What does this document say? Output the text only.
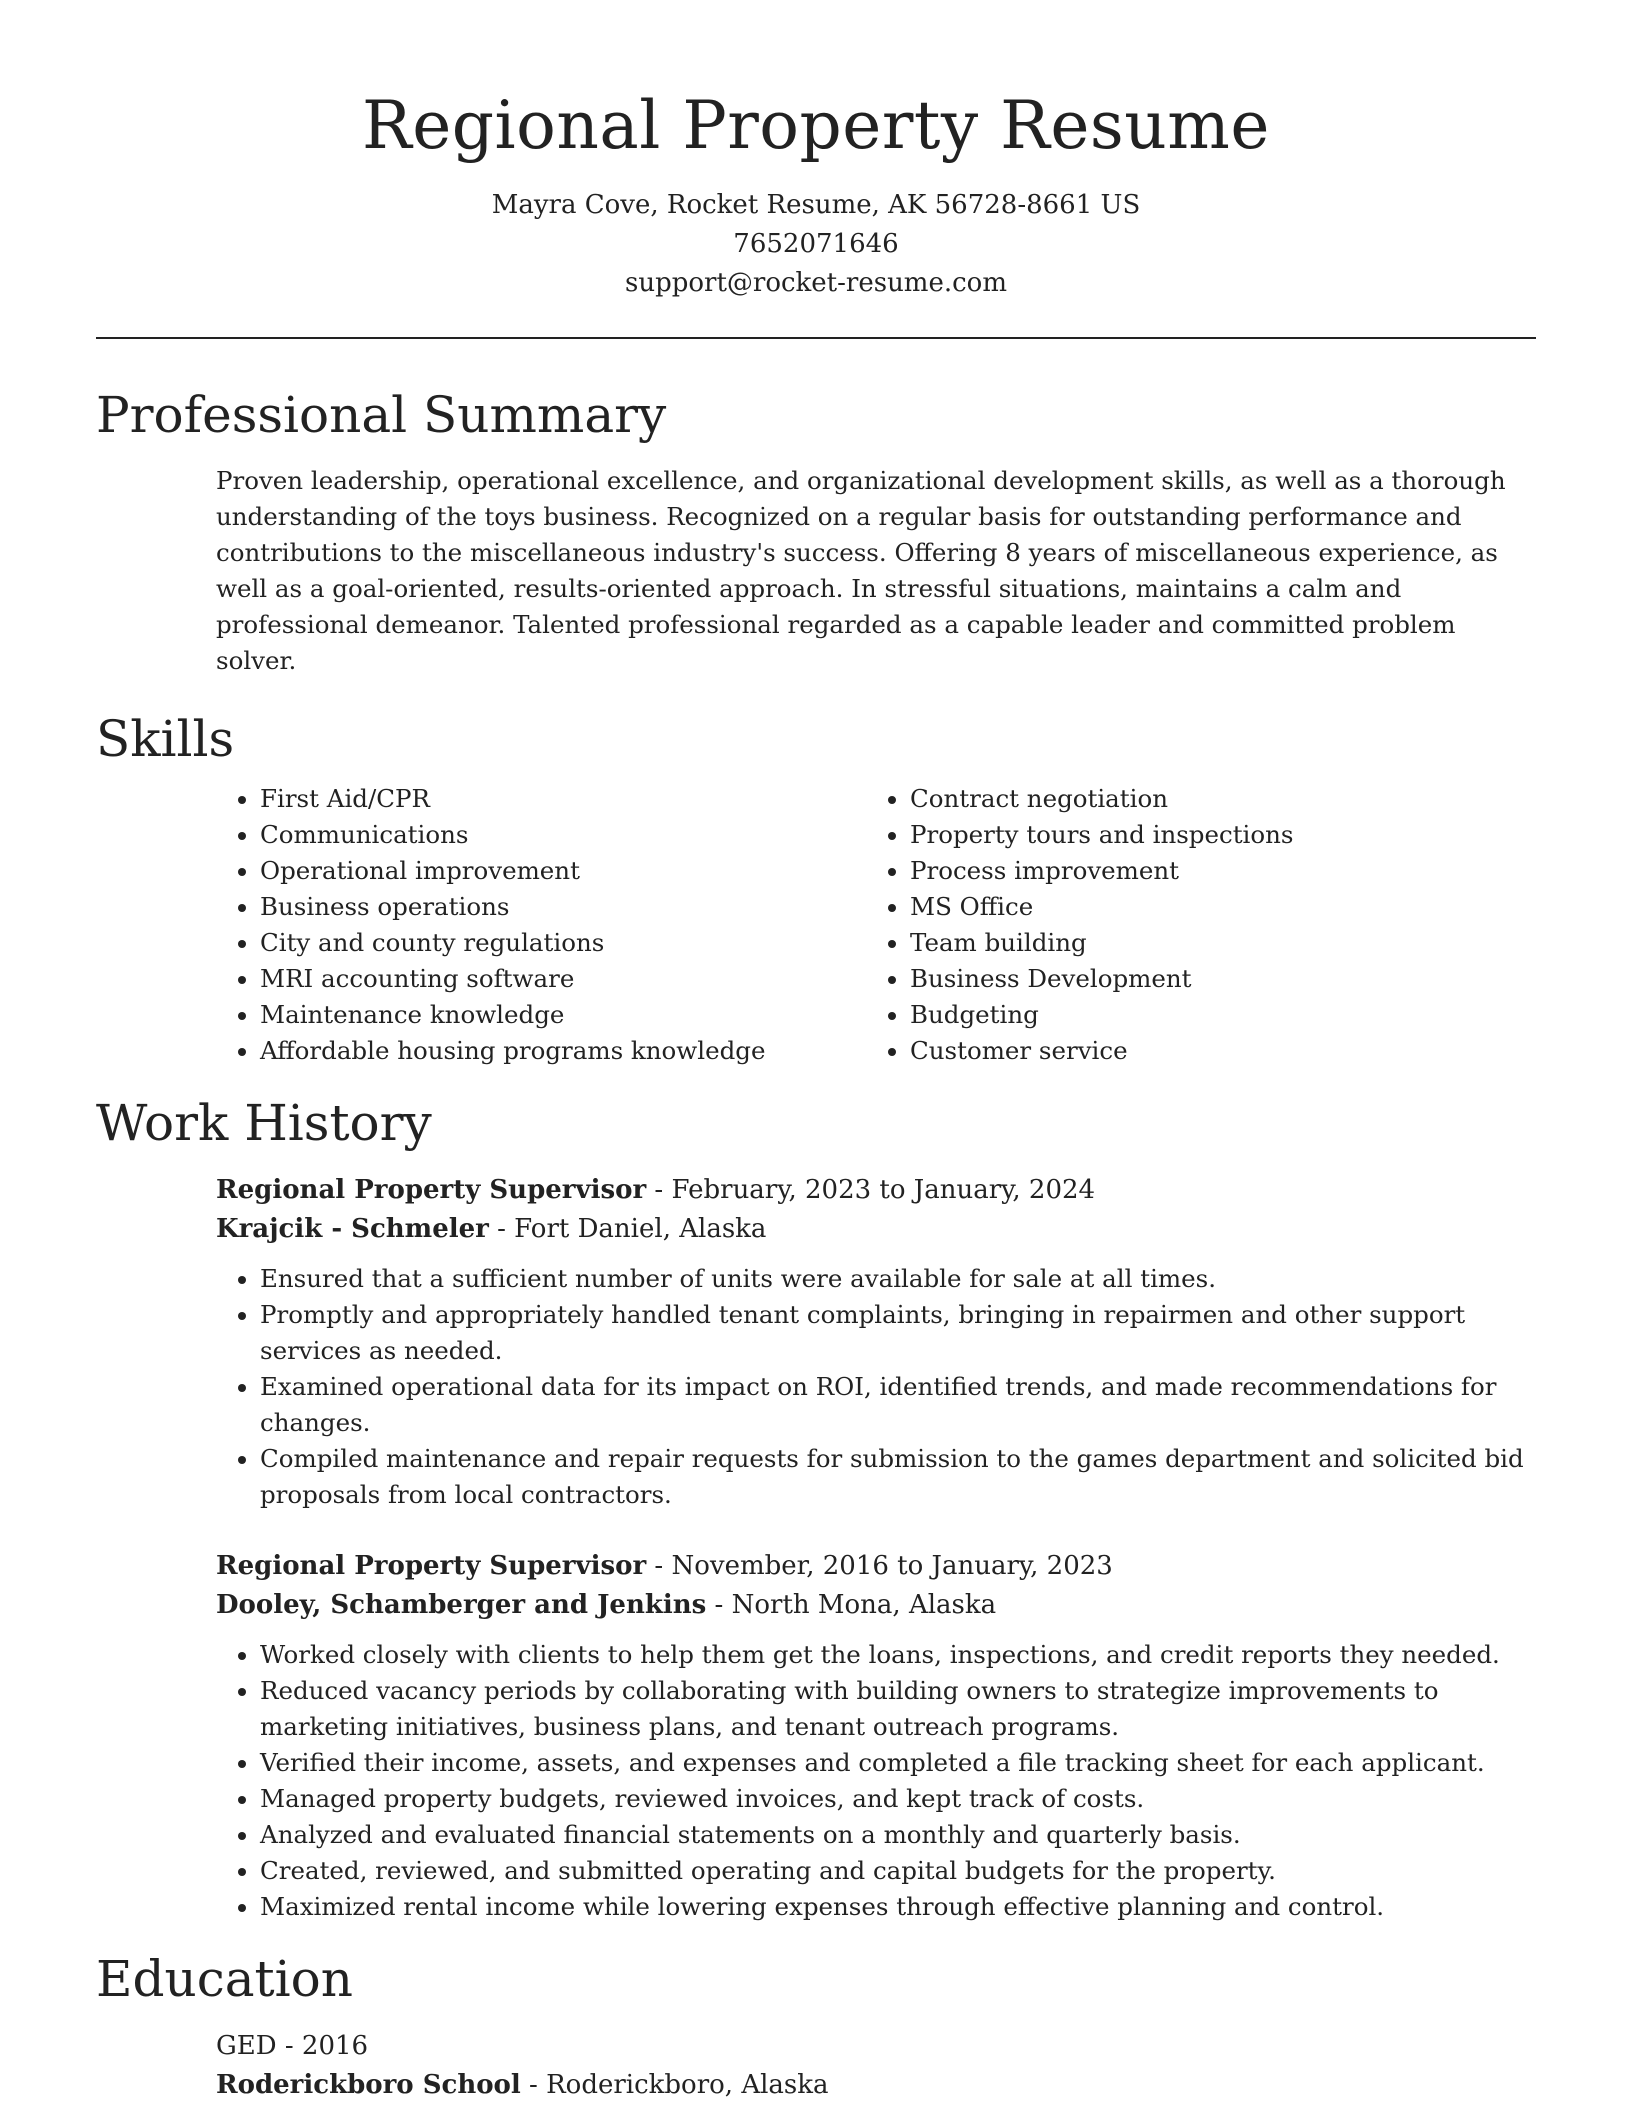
Regional Property Resume
Mayra Cove, Rocket Resume, AK 56728-8661 US
7652071646
support@rocket-resume.com
Professional Summary

Proven leadership, operational excellence, and organizational development skills, as well as a thorough understanding of the toys business. Recognized on a regular basis for outstanding performance and contributions to the miscellaneous industry's success. Offering 8 years of miscellaneous experience, as well as a goal-oriented, results-oriented approach. In stressful situations, maintains a calm and professional demeanor. Talented professional regarded as a capable leader and committed problem solver.

Skills
• First Aid/CPR
• Communications
• Operational improvement
• Business operations
• City and county regulations
• MRI accounting software
• Maintenance knowledge
• Affordable housing programs knowledge
• Contract negotiation
• Property tours and inspections
• Process improvement
• MS Office
• Team building
• Business Development
• Budgeting
• Customer service
Work History
Regional Property Supervisor - February, 2023 to January, 2024
Krajcik - Schmeler - Fort Daniel, Alaska
• Ensured that a sufficient number of units were available for sale at all times.
• Promptly and appropriately handled tenant complaints, bringing in repairmen and other support services as needed.
• Examined operational data for its impact on ROI, identified trends, and made recommendations for changes.
• Compiled maintenance and repair requests for submission to the games department and solicited bid proposals from local contractors.
Regional Property Supervisor - November, 2016 to January, 2023
Dooley, Schamberger and Jenkins - North Mona, Alaska
• Worked closely with clients to help them get the loans, inspections, and credit reports they needed.
• Reduced vacancy periods by collaborating with building owners to strategize improvements to marketing initiatives, business plans, and tenant outreach programs.
• Verified their income, assets, and expenses and completed a file tracking sheet for each applicant.
• Managed property budgets, reviewed invoices, and kept track of costs.
• Analyzed and evaluated financial statements on a monthly and quarterly basis.
• Created, reviewed, and submitted operating and capital budgets for the property.
• Maximized rental income while lowering expenses through effective planning and control.
Education
GED - 2016
Roderickboro School - Roderickboro, Alaska
